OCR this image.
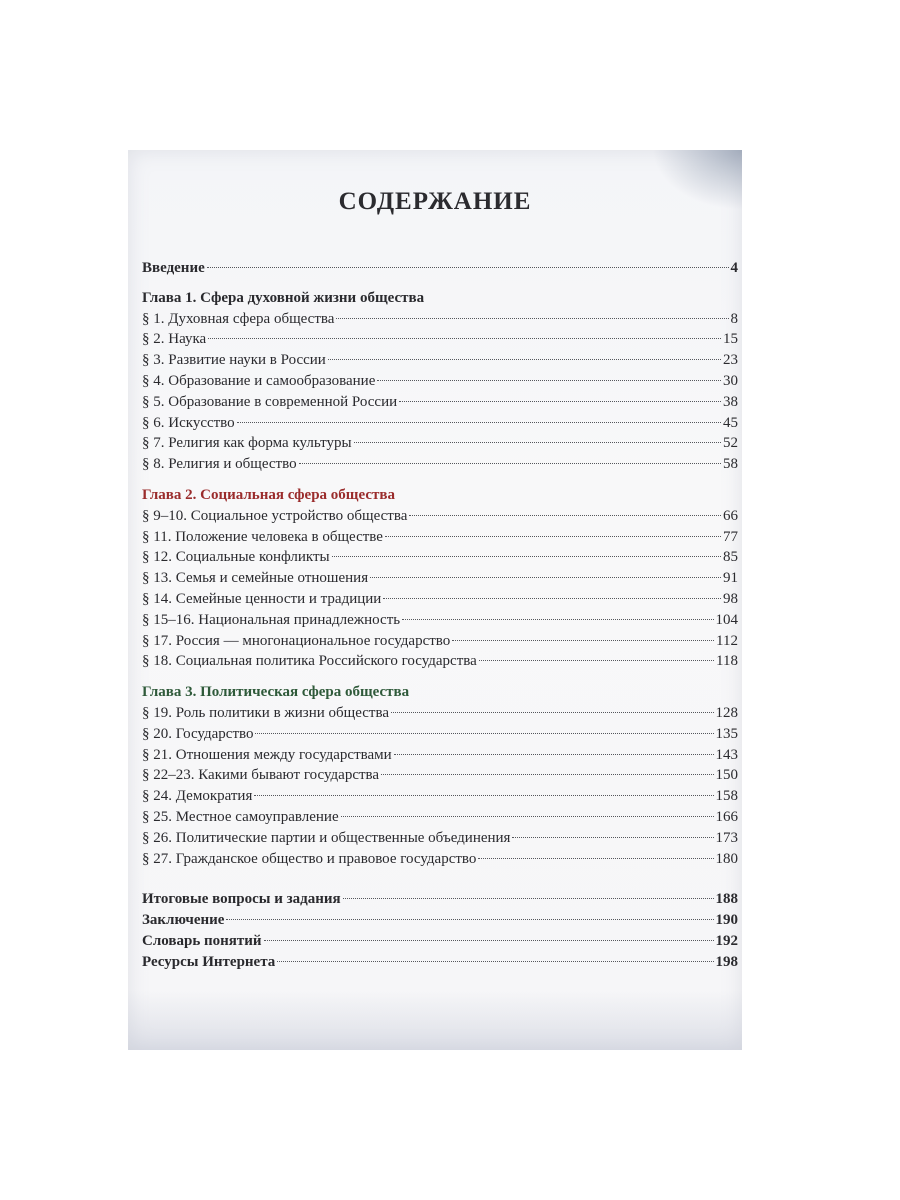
СОДЕРЖАНИЕ
Введение	4
Глава 1. Сфера духовной жизни общества
§ 1. Духовная сфера общества	8
§ 2. Наука	15
§ 3. Развитие науки в России	23
§ 4. Образование и самообразование	30
§ 5. Образование в современной России	38
§ 6. Искусство	45
§ 7. Религия как форма культуры	52
§ 8. Религия и общество	58
Глава 2. Социальная сфера общества
§ 9–10. Социальное устройство общества	66
§ 11. Положение человека в обществе	77
§ 12. Социальные конфликты	85
§ 13. Семья и семейные отношения	91
§ 14. Семейные ценности и традиции	98
§ 15–16. Национальная принадлежность	104
§ 17. Россия — многонациональное государство	112
§ 18. Социальная политика Российского государства	118
Глава 3. Политическая сфера общества
§ 19. Роль политики в жизни общества	128
§ 20. Государство	135
§ 21. Отношения между государствами	143
§ 22–23. Какими бывают государства	150
§ 24. Демократия	158
§ 25. Местное самоуправление	166
§ 26. Политические партии и общественные объединения	173
§ 27. Гражданское общество и правовое государство	180
Итоговые вопросы и задания	188
Заключение	190
Словарь понятий	192
Ресурсы Интернета	198
